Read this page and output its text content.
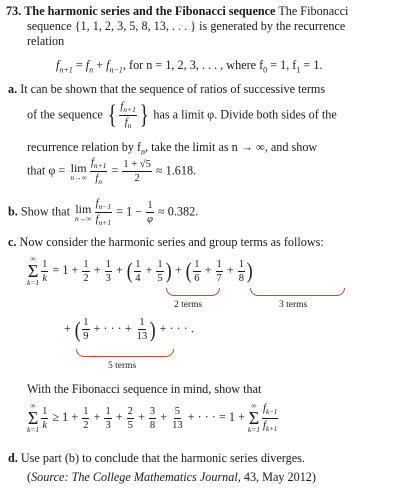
73. The harmonic series and the Fibonacci sequence The Fibonacci
sequence {1, 1, 2, 3, 5, 8, 13, . . . } is generated by the recurrence
relation
$f_{n+1} = f_n + f_{n-1}$, for n = 1, 2, 3, . . . , where $f_0 = 1$, $f_1 = 1$.
a. It can be shown that the sequence of ratios of successive terms
of the sequence { $\frac{f_{n+1}}{f_n}$ } has a limit φ. Divide both sides of the
recurrence relation by $f_n$, take the limit as n → ∞, and show
that φ = lim
$n\to\infty \frac{f_{n+1}}{f_n} = \frac{1 + √5}{2} \approx 1.618$.
b. Show that lim
$n\to\infty \frac{f_{n-1}}{f_{n+1}} = 1 - \frac{1}{\varphi} \approx 0.382$.
c. Now consider the harmonic series and group terms as follows:
∞
Σ
$k=1 \frac{1}{k} = 1 + \frac{1}{2} + \frac{1}{3}$ + ( $\frac{1}{4} + \frac{1}{5}$ ) + ( $\frac{1}{6} + \frac{1}{7} + \frac{1}{8}$ )
2 terms	3 terms
+ ( $\frac{1}{9}$ + · · · + $\frac{1}{13}$ ) + · · · .
5 terms
With the Fibonacci sequence in mind, show that
∞
Σ
$k=1 \frac{1}{k} \ge 1 + \frac{1}{2} + \frac{1}{3} + \frac{2}{5} + \frac{3}{8} + \frac{5}{13}$ + · · · = 1 +
∞
Σ
$k=1 \frac{f_{k-1}}{f_{k+1}}$
d. Use part (b) to conclude that the harmonic series diverges.
(Source: The College Mathematics Journal, 43, May 2012)
